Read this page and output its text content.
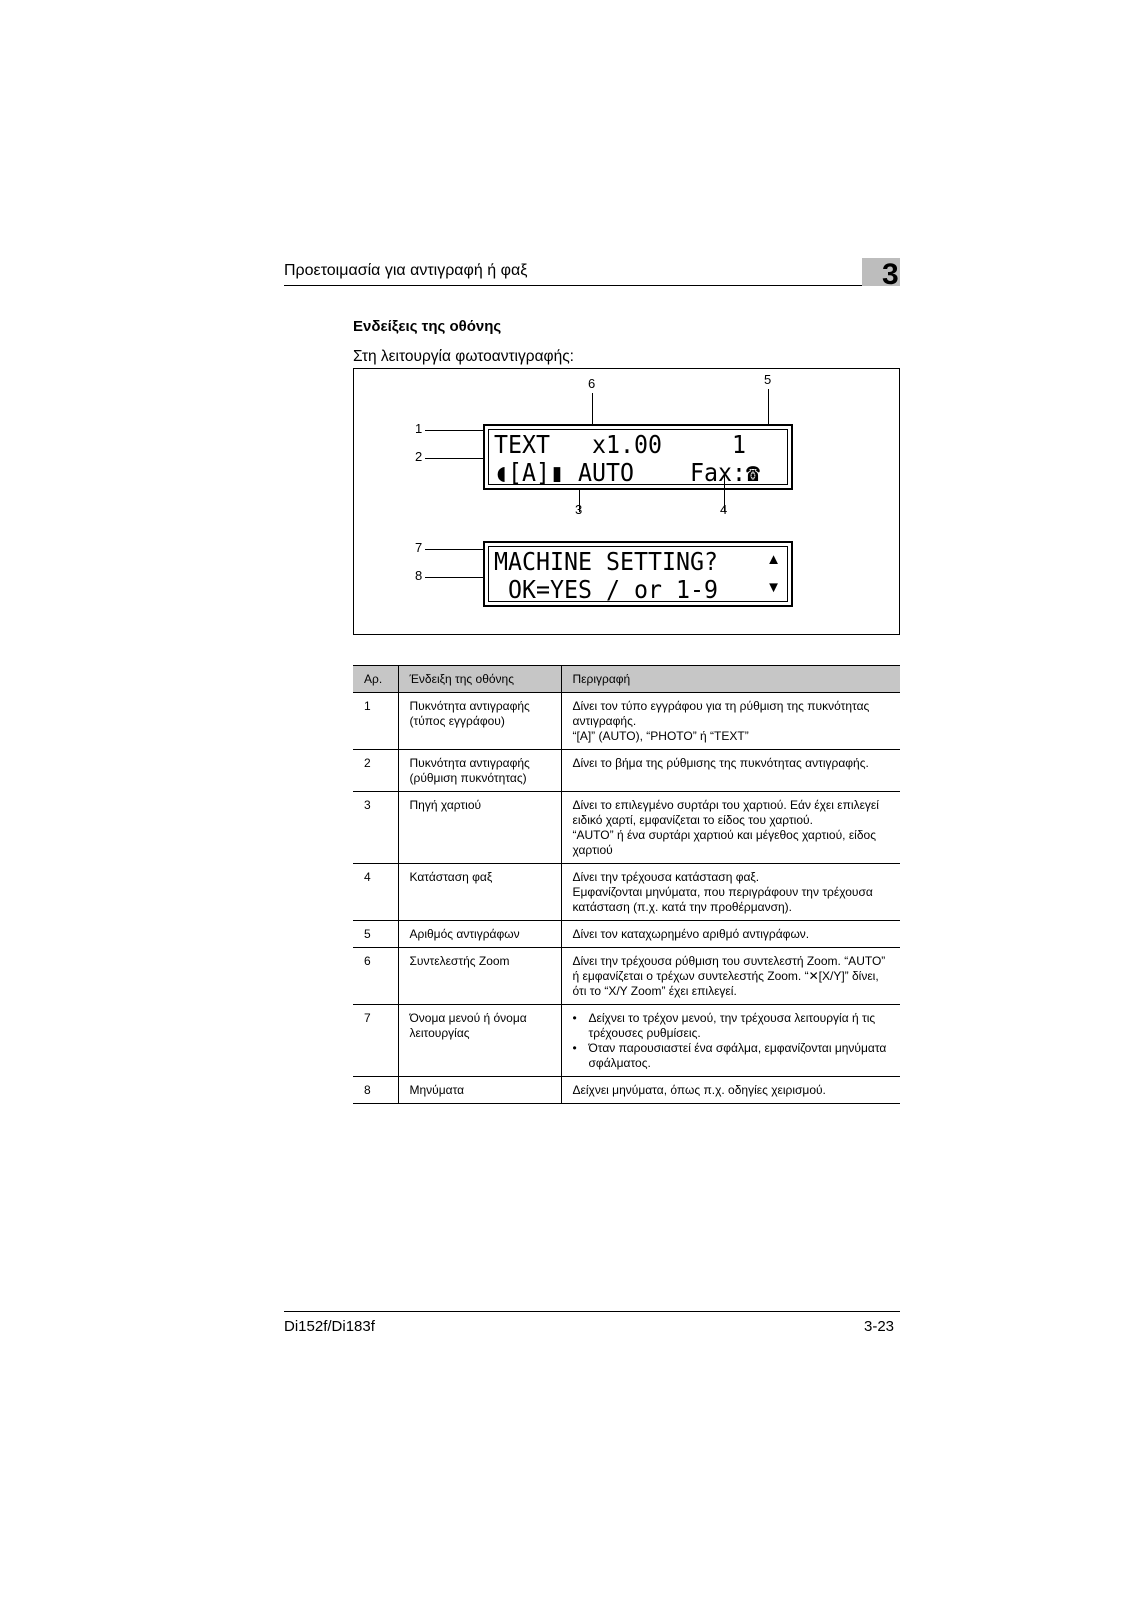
Προετοιμασία για αντιγραφή ή φαξ	3
Ενδείξεις της οθόνης
Στη λειτουργία φωτοαντιγραφής:
TEXT   x1.00     1
◖[A]▮ AUTO Fax:☎
MACHINE SETTING?
OK=YES / or 1-9
▲
▼
1
2
6	5
3	4
7
8
Αρ.	Ένδειξη της οθόνης	Περιγραφή
1	Πυκνότητα αντιγραφής (τύπος εγγράφου)	Δίνει τον τύπο εγγράφου για τη ρύθμιση της πυκνότητας αντιγραφής.
“[A]” (AUTO), “PHOTO” ή “TEXT”

2	Πυκνότητα αντιγραφής (ρύθμιση πυκνότητας)	Δίνει το βήμα της ρύθμισης της πυκνότητας αντιγραφής.

3	Πηγή χαρτιού	Δίνει το επιλεγμένο συρτάρι του χαρτιού. Εάν έχει επιλεγεί ειδικό χαρτί, εμφανίζεται το είδος του χαρτιού.
“AUTO” ή ένα συρτάρι χαρτιού και μέγεθος χαρτιού, είδος χαρτιού

4	Κατάσταση φαξ	Δίνει την τρέχουσα κατάσταση φαξ.
Εμφανίζονται μηνύματα, που περιγράφουν την τρέχουσα κατάσταση (π.χ. κατά την προθέρμανση).

5	Αριθμός αντιγράφων	Δίνει τον καταχωρημένο αριθμό αντιγράφων.

6	Συντελεστής Zoom	Δίνει την τρέχουσα ρύθμιση του συντελεστή Zoom. “AUTO” ή εμφανίζεται ο τρέχων συντελεστής Zoom. “✕[X/Y]” δίνει, ότι το “X/Y Zoom” έχει επιλεγεί.

7	Όνομα μενού ή όνομα λειτουργίας	• Δείχνει το τρέχον μενού, την τρέχουσα λειτουργία ή τις τρέχουσες ρυθμίσεις.
• Όταν παρουσιαστεί ένα σφάλμα, εμφανίζονται μηνύματα σφάλματος.

8	Μηνύματα	Δείχνει μηνύματα, όπως π.χ. οδηγίες χειρισμού.
Di152f/Di183f	3-23
